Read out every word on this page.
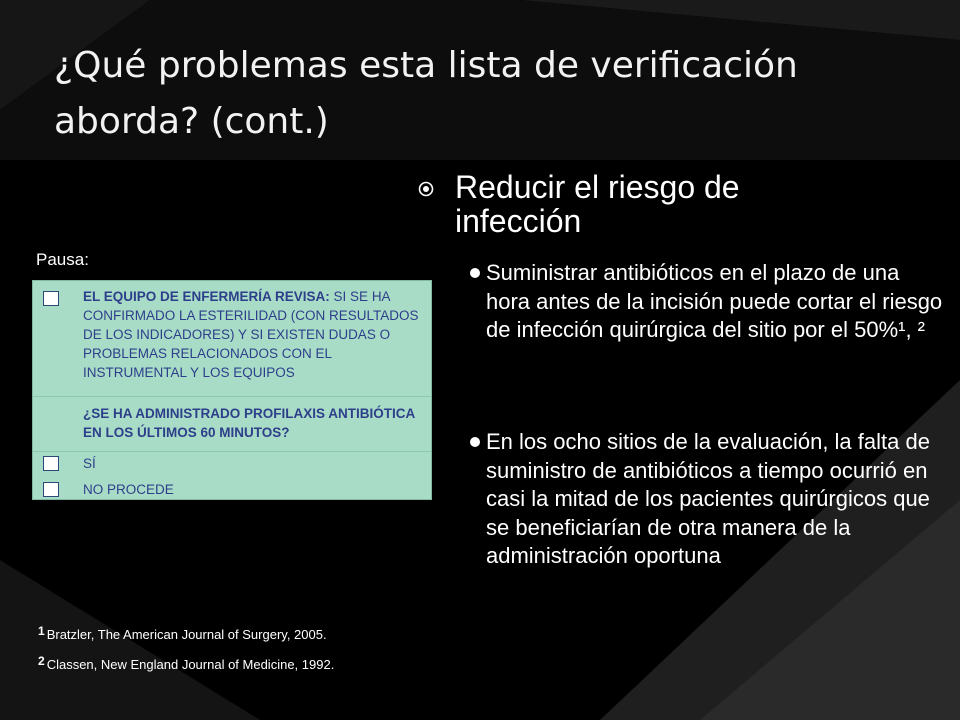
¿Qué problemas esta lista de verificación aborda? (cont.)
Pausa:
EL EQUIPO DE ENFERMERÍA REVISA: SI SE HA CONFIRMADO LA ESTERILIDAD (CON RESULTADOS DE LOS INDICADORES) Y SI EXISTEN DUDAS O PROBLEMAS RELACIONADOS CON EL INSTRUMENTAL Y LOS EQUIPOS
¿SE HA ADMINISTRADO PROFILAXIS ANTIBIÓTICA EN LOS ÚLTIMOS 60 MINUTOS?
SÍ
NO PROCEDE
$^1$ Bratzler, The American Journal of Surgery, 2005.
$^2$ Classen, New England Journal of Medicine, 1992.
Reducir el riesgo de infección
Suministrar antibióticos en el plazo de una hora antes de la incisión puede cortar el riesgo de infección quirúrgica del sitio por el 50%¹, ²
En los ocho sitios de la evaluación, la falta de suministro de antibióticos a tiempo ocurrió en casi la mitad de los pacientes quirúrgicos que se beneficiarían de otra manera de la administración oportuna
